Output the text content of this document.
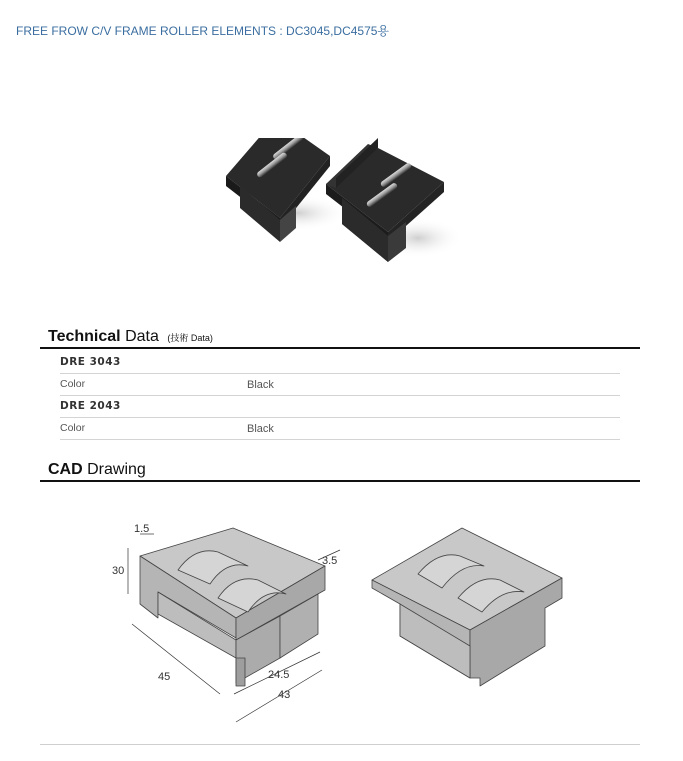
FREE FROW C/V FRAME ROLLER ELEMENTS : DC3045,DC4575용
Technical Data (技術 Data)
DRE 3043
Color	Black
DRE 2043
Color	Black
CAD Drawing
1.5
30
3.5
45	24.5
43
